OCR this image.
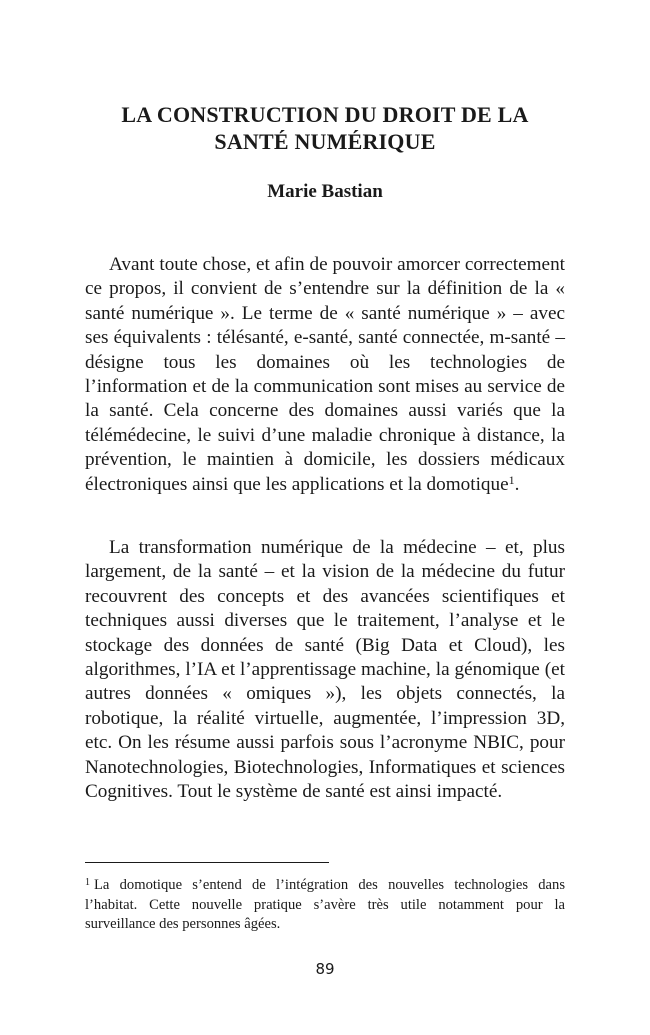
LA CONSTRUCTION DU DROIT DE LA
SANTÉ NUMÉRIQUE
Marie Bastian

Avant toute chose, et afin de pouvoir amorcer correctement ce propos, il convient de s’entendre sur la définition de la « santé numérique ». Le terme de « santé numérique » – avec ses équivalents : télésanté, e-santé, santé connectée, m-santé – désigne tous les domaines où les technologies de l’information et de la communication sont mises au service de la santé. Cela concerne des domaines aussi variés que la télémédecine, le suivi d’une maladie chronique à distance, la prévention, le maintien à domicile, les dossiers médicaux électroniques ainsi que les applications et la domotique$^1$.

La transformation numérique de la médecine – et, plus largement, de la santé – et la vision de la médecine du futur recouvrent des concepts et des avancées scientifiques et techniques aussi diverses que le traitement, l’analyse et le stockage des données de santé (Big Data et Cloud), les algorithmes, l’IA et l’apprentissage machine, la génomique (et autres données « omiques »), les objets connectés, la robotique, la réalité virtuelle, augmentée, l’impression 3D, etc. On les résume aussi parfois sous l’acronyme NBIC, pour Nanotechnologies, Biotechnologies, Informatiques et sciences Cognitives. Tout le système de santé est ainsi impacté.

$^1$ La domotique s’entend de l’intégration des nouvelles technologies dans l’habitat. Cette nouvelle pratique s’avère très utile notamment pour la surveillance des personnes âgées.

89
